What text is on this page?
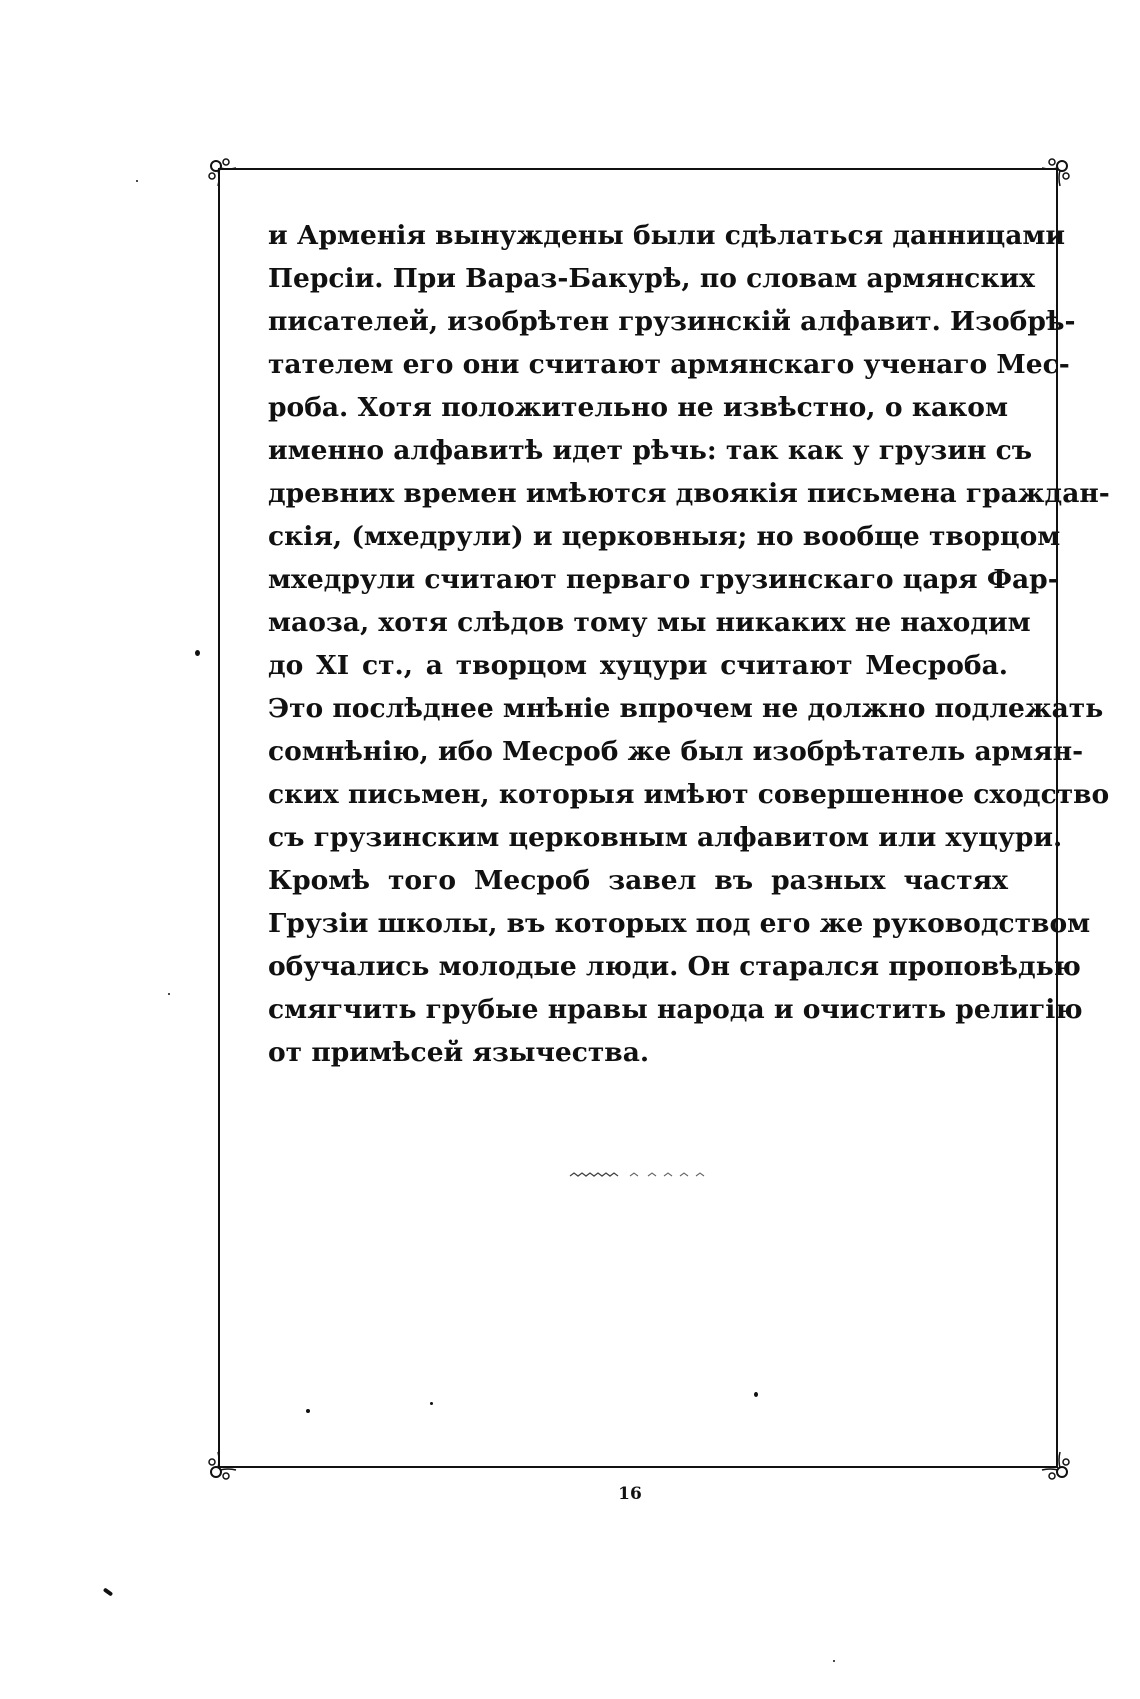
и Арменія вынуждены были сдѣлаться данницами
Персіи. При Вараз-Бакурѣ, по словам армянских
писателей, изобрѣтен грузинскій алфавит. Изобрѣ-
тателем его они считают армянскаго ученаго Мес-
роба. Хотя положительно не извѣстно, о каком
именно алфавитѣ идет рѣчь: так как у грузин съ
древних времен имѣются двоякія письмена граждан-
скія, (мхедрули) и церковныя; но вообще творцом
мхедрули считают перваго грузинскаго царя Фар-
маоза, хотя слѣдов тому мы никаких не находим
до XI ст., а творцом хуцури считают Месроба.
Это послѣднее мнѣніе впрочем не должно подлежать
сомнѣнію, ибо Месроб же был изобрѣтатель армян-
ских письмен, которыя имѣют совершенное сходство
съ грузинским церковным алфавитом или хуцури.
Кромѣ того Месроб завел въ разных частях
Грузіи школы, въ которых под его же руководством
обучались молодые люди. Он старался проповѣдью
смягчить грубые нравы народа и очистить религію
от примѣсей язычества.
16
